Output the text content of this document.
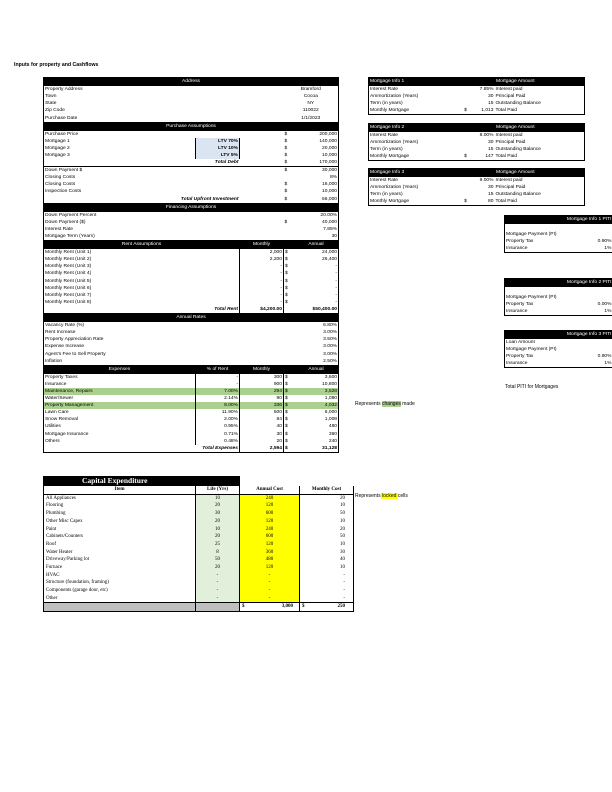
Inputs for property and Cashflows
Address					
Property Address			Bramford		
Town			Cocoa		
State			NY		
Zip Code			110022		
Purchase Date			1/1/2023		
Purchase Assumptions					
Purchase Price			$	200,000	
Mortgage 1	LTV 70%		$	140,000	
Mortgage 2	LTV 10%		$	20,000	
Mortgage 3	LTV 5%		$	10,000	
Total Debt			$	170,000	
Down Payment $			$	30,000	
Closing Costs				8%	
Closing Costs			$	16,000	
Inspection Costs			$	10,000	
Total Upfront Investment			$	56,000	
Financing Assumptions					
Down Payment Percent				20.00%	
Down Payment ($)			$	40,000	
Interest Rate				7.85%	
Mortgage Term (Years)				30	
Rent Assumptions		Monthly		Annual	
Monthly Rent (Unit 1)		2,000	$	24,000	
Monthly Rent (Unit 2)		2,200	$	26,400	
Monthly Rent (Unit 3)		-	$	-	
Monthly Rent (Unit 4)		-	$	-	
Monthly Rent (Unit 5)		-	$	-	
Monthly Rent (Unit 6)		-	$	-	
Monthly Rent (Unit 7)		-	$	-	
Monthly Rent (Unit 8)		-	$	-	
Total Rent		$4,200.00		$50,400.00	
Annual Rates					
Vacancy Rate (%)				6.80%	
Rent Increase				3.00%	
Property Appreciation Rate				3.50%	
Expense Increase				3.00%	
Agent's Fee to Sell Property				3.00%	
Inflation				2.50%	
Expenses	% of Rent	Monthly		Annual	
Property Taxes	-	300	$	3,600	
Insurance	-	900	$	10,800	
Maintenance, Repairs	7.00%	294	$	3,528	
Water/Sewer	2.14%	90	$	1,080	
Property Management	8.00%	336	$	4,032	
Lawn Care	11.90%	500	$	6,000	
Snow Removal	2.00%	84	$	1,008	
Utilities	0.95%	40	$	480	
Mortgage Insurance	0.71%	30	$	360	
Others	0.48%	20	$	240	
Total Expenses		2,594	$	31,128	
Mortgage Info 1				Mortgage Amount
Interest Rate			7.85%	Interest paid
Ammortization (Years)			30	Principal Paid
Term (in years)			15	Outstanding Balance
Monthly Mortgage		$	1,013	Total Paid
Mortgage Info 2				Mortgage Amount
Interest Rate			8.00%	Interest paid
Ammortization (Years)			30	Principal Paid
Term (in years)			15	Outstanding Balance
Monthly Mortgage		$	147	Total Paid
Mortgage Info 3				Mortgage Amount
Interest Rate			9.00%	Interest paid
Ammortization (Years)			30	Principal Paid
Term (in years)			15	Outstanding Balance
Monthly Mortgage		$	80	Total Paid
Mortgage Info 1 PITI	

Mortgage Payment (PI)	
Property Tax	0.90%
Insurance	1%
Mortgage Info 2 PITI	

Mortgage Payment (PI)	
Property Tax	0.00%
Insurance	1%
Mortgage Info 3 PITI	
Loan Amount	
Mortgage Payment (PI)	
Property Tax	0.90%
Insurance	1%
Total PITI for Mortgages
Represents changes made
Capital Expenditure			
Item	Life (Yrs)	Annual Cost	Monthly Cost
All Appliances	10	240	20
Flooring	20	120	10
Plumbing	30	600	50
Other Misc Capex	20	120	10
Paint	10	240	20
Cabinets/Counters	20	600	50
Roof	25	120	10
Water Heater	8	360	30
Driveway/Parking lot	50	480	40
Furnace	20	120	10
HVAC	-	-	-
Structure (foundation, framing)	-	-	-
Components (garage door, etc)	-	-	-
Other	-	-	-

		$ 3,000	$ 250
Represents locked cells
